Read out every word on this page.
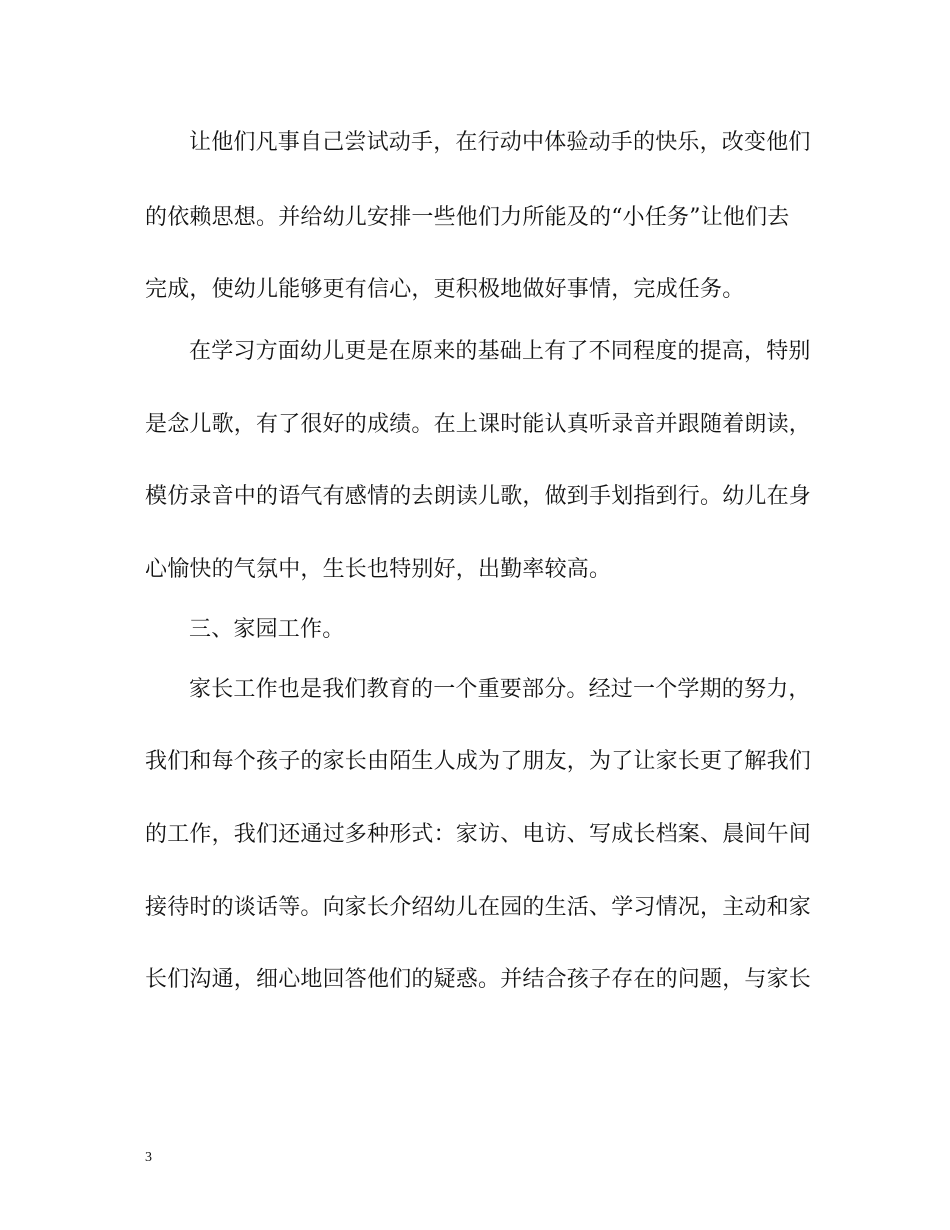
让他们凡事自己尝试动手，在行动中体验动手的快乐，改变他们
的依赖思想。并给幼儿安排一些他们力所能及的“小任务”让他们去
完成，使幼儿能够更有信心，更积极地做好事情，完成任务。
在学习方面幼儿更是在原来的基础上有了不同程度的提高，特别
是念儿歌，有了很好的成绩。在上课时能认真听录音并跟随着朗读，
模仿录音中的语气有感情的去朗读儿歌，做到手划指到行。幼儿在身
心愉快的气氛中，生长也特别好，出勤率较高。
三、家园工作。
家长工作也是我们教育的一个重要部分。经过一个学期的努力，
我们和每个孩子的家长由陌生人成为了朋友，为了让家长更了解我们
的工作，我们还通过多种形式：家访、电访、写成长档案、晨间午间
接待时的谈话等。向家长介绍幼儿在园的生活、学习情况，主动和家
长们沟通，细心地回答他们的疑惑。并结合孩子存在的问题，与家长
3
